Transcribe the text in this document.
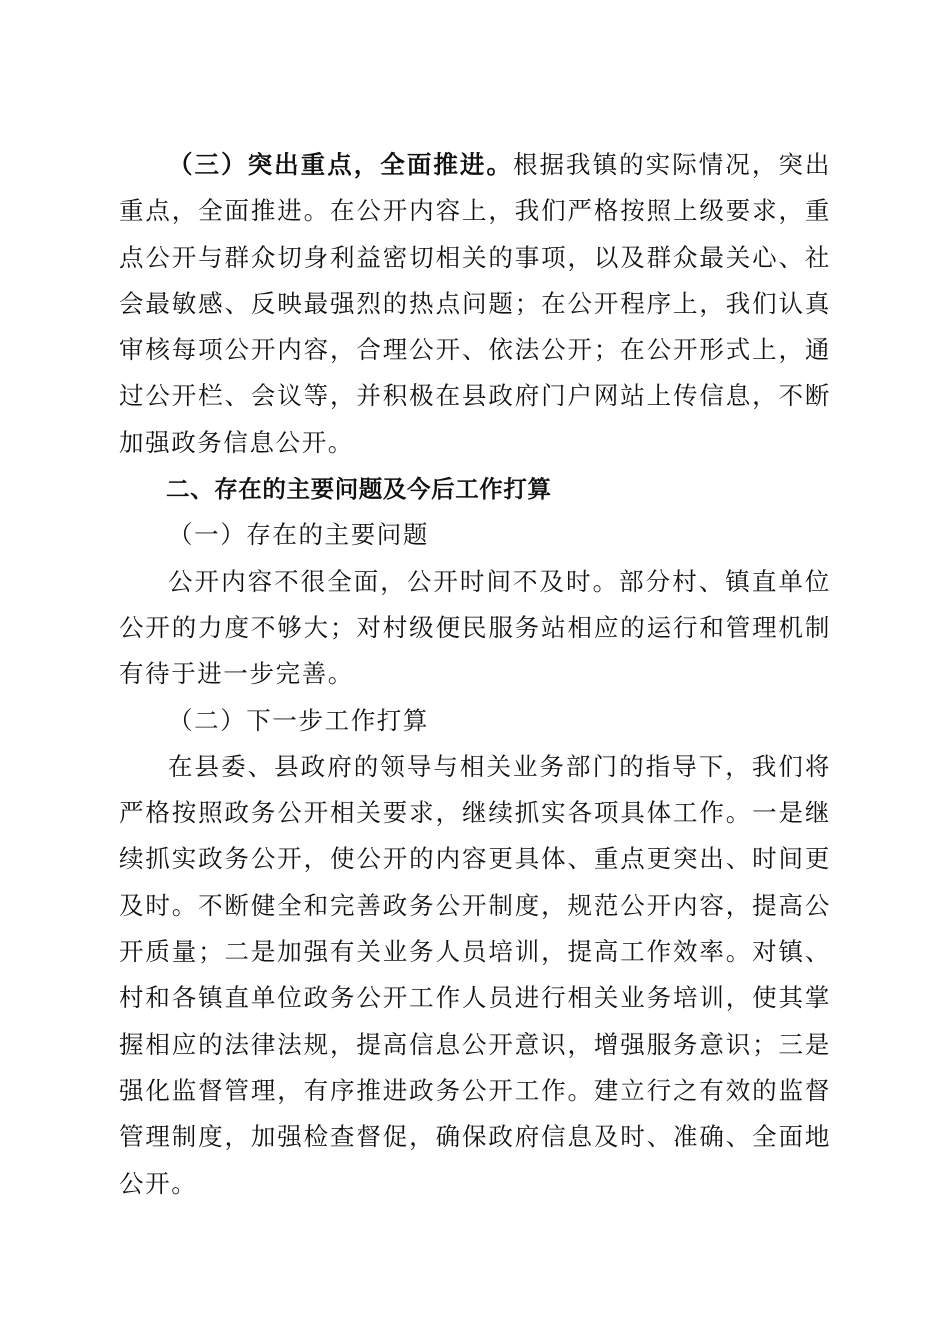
（三）突出重点，全面推进。根据我镇的实际情况，突出重点，全面推进。在公开内容上，我们严格按照上级要求，重点公开与群众切身利益密切相关的事项，以及群众最关心、社会最敏感、反映最强烈的热点问题；在公开程序上，我们认真审核每项公开内容，合理公开、依法公开；在公开形式上，通过公开栏、会议等，并积极在县政府门户网站上传信息，不断加强政务信息公开。

二、存在的主要问题及今后工作打算

（一）存在的主要问题

公开内容不很全面，公开时间不及时。部分村、镇直单位公开的力度不够大；对村级便民服务站相应的运行和管理机制有待于进一步完善。

（二）下一步工作打算

在县委、县政府的领导与相关业务部门的指导下，我们将严格按照政务公开相关要求，继续抓实各项具体工作。一是继续抓实政务公开，使公开的内容更具体、重点更突出、时间更及时。不断健全和完善政务公开制度，规范公开内容，提高公开质量；二是加强有关业务人员培训，提高工作效率。对镇、村和各镇直单位政务公开工作人员进行相关业务培训，使其掌握相应的法律法规，提高信息公开意识，增强服务意识；三是强化监督管理，有序推进政务公开工作。建立行之有效的监督管理制度，加强检查督促，确保政府信息及时、准确、全面地公开。
